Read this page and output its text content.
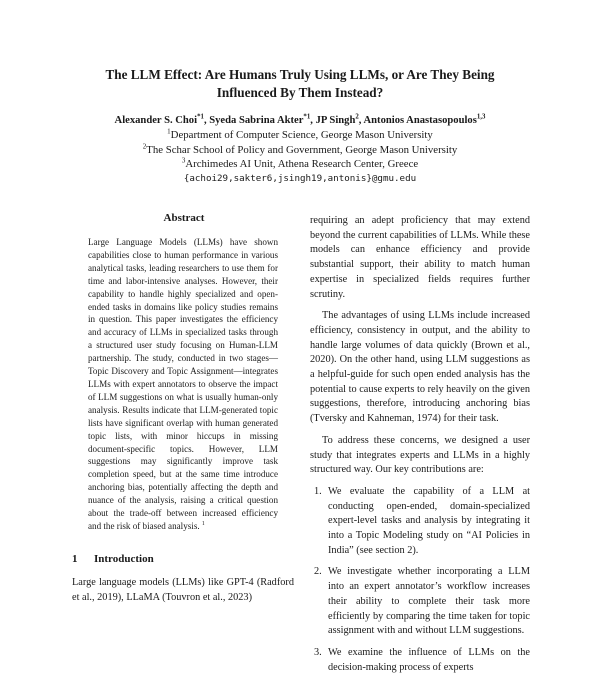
The LLM Effect: Are Humans Truly Using LLMs, or Are They Being
Influenced By Them Instead?
Alexander S. Choi$^{*1}$, Syeda Sabrina Akter$^{*1}$, JP Singh$^2$, Antonios Anastasopoulos$^{1,3}$
$^1$Department of Computer Science, George Mason University
$^2$The Schar School of Policy and Government, George Mason University
$^3$Archimedes AI Unit, Athena Research Center, Greece
{achoi29,sakter6,jsingh19,antonis}@gmu.edu
Abstract
Large Language Models (LLMs) have shown capabilities close to human performance in various analytical tasks, leading researchers to use them for time and labor-intensive analyses. However, their capability to handle highly specialized and open-ended tasks in domains like policy studies remains in question. This paper investigates the efficiency and accuracy of LLMs in specialized tasks through a structured user study focusing on Human-LLM partnership. The study, conducted in two stages—Topic Discovery and Topic Assignment—integrates LLMs with expert annotators to observe the impact of LLM suggestions on what is usually human-only analysis. Results indicate that LLM-generated topic lists have significant overlap with human generated topic lists, with minor hiccups in missing document-specific topics. However, LLM suggestions may significantly improve task completion speed, but at the same time introduce anchoring bias, potentially affecting the depth and nuance of the analysis, raising a critical question about the trade-off between increased efficiency and the risk of biased analysis. $^1$
1 Introduction
Large language models (LLMs) like GPT-4 (Radford et al., 2019), LLaMA (Touvron et al., 2023)

requiring an adept proficiency that may extend beyond the current capabilities of LLMs. While these models can enhance efficiency and provide substantial support, their ability to match human expertise in specialized fields requires further scrutiny.

The advantages of using LLMs include increased efficiency, consistency in output, and the ability to handle large volumes of data quickly (Brown et al., 2020). On the other hand, using LLM suggestions as a helpful-guide for such open ended analysis has the potential to cause experts to rely heavily on the given suggestions, therefore, introducing anchoring bias (Tversky and Kahneman, 1974) for their task.

To address these concerns, we designed a user study that integrates experts and LLMs in a highly structured way. Our key contributions are:

1. We evaluate the capability of a LLM at conducting open-ended, domain-specialized expert-level tasks and analysis by integrating it into a Topic Modeling study on “AI Policies in India” (see section 2).
2. We investigate whether incorporating a LLM into an expert annotator’s workflow increases their ability to complete their task more efficiently by comparing the time taken for topic assignment with and without LLM suggestions.
3. We examine the influence of LLMs on the decision-making process of experts
